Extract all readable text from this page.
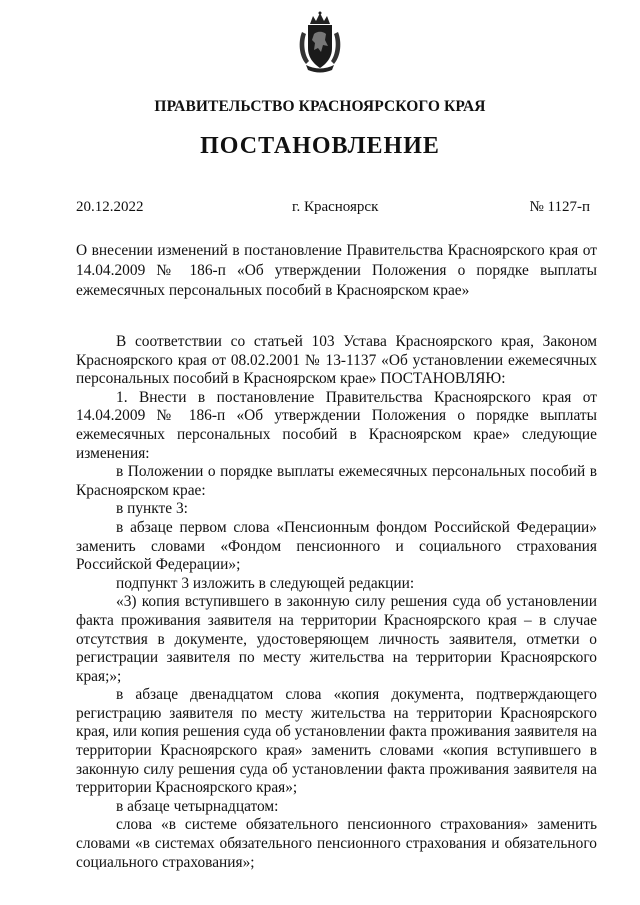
ПРАВИТЕЛЬСТВО КРАСНОЯРСКОГО КРАЯ
ПОСТАНОВЛЕНИЕ
20.12.2022	г. Красноярск	№ 1127-п
О внесении изменений в постановление Правительства Красноярского края от 14.04.2009 № 186-п «Об утверждении Положения о порядке выплаты ежемесячных персональных пособий в Красноярском крае»

В соответствии со статьей 103 Устава Красноярского края, Законом Красноярского края от 08.02.2001 № 13-1137 «Об установлении ежемесячных персональных пособий в Красноярском крае» ПОСТАНОВЛЯЮ:

1. Внести в постановление Правительства Красноярского края от 14.04.2009 № 186-п «Об утверждении Положения о порядке выплаты ежемесячных персональных пособий в Красноярском крае» следующие изменения:

в Положении о порядке выплаты ежемесячных персональных пособий в Красноярском крае:

в пункте 3:

в абзаце первом слова «Пенсионным фондом Российской Федерации» заменить словами «Фондом пенсионного и социального страхования Российской Федерации»;

подпункт 3 изложить в следующей редакции:

«3) копия вступившего в законную силу решения суда об установлении факта проживания заявителя на территории Красноярского края – в случае отсутствия в документе, удостоверяющем личность заявителя, отметки о регистрации заявителя по месту жительства на территории Красноярского края;»;

в абзаце двенадцатом слова «копия документа, подтверждающего регистрацию заявителя по месту жительства на территории Красноярского края, или копия решения суда об установлении факта проживания заявителя на территории Красноярского края» заменить словами «копия вступившего в законную силу решения суда об установлении факта проживания заявителя на территории Красноярского края»;

в абзаце четырнадцатом:

слова «в системе обязательного пенсионного страхования» заменить словами «в системах обязательного пенсионного страхования и обязательного социального страхования»;
